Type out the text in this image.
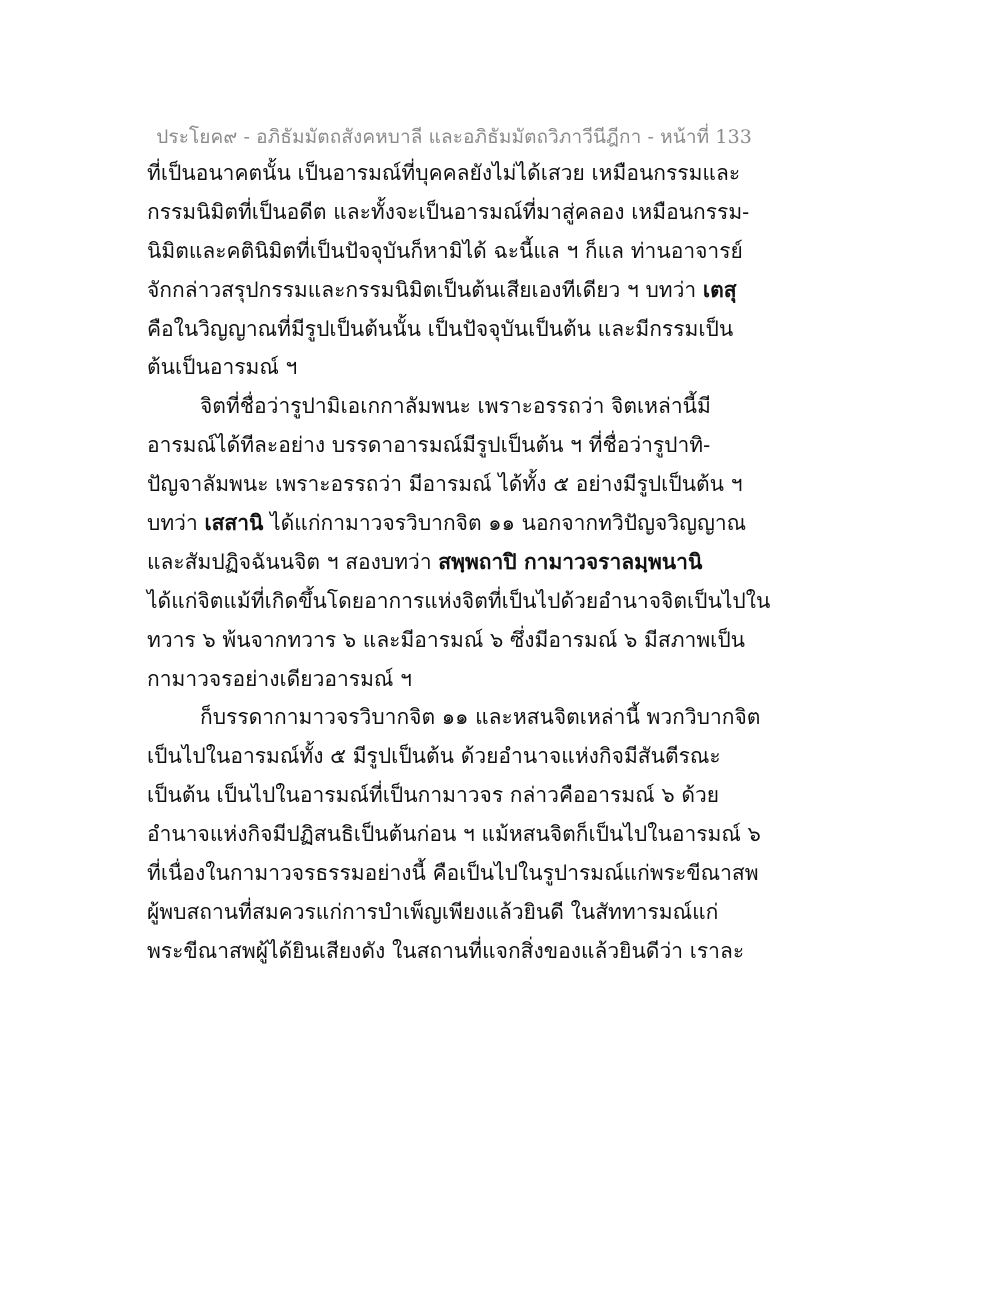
ประโยค๙ - อภิธัมมัตถสังคหบาลี และอภิธัมมัตถวิภาวีนีฎีกา - หน้าที่ 133
ที่เป็นอนาคตนั้น เป็นอารมณ์ที่บุคคลยังไม่ได้เสวย เหมือนกรรมและ
กรรมนิมิตที่เป็นอดีต และทั้งจะเป็นอารมณ์ที่มาสู่คลอง เหมือนกรรม-
นิมิตและคตินิมิตที่เป็นปัจจุบันก็หามิได้ ฉะนี้แล ฯ ก็แล ท่านอาจารย์
จักกล่าวสรุปกรรมและกรรมนิมิตเป็นต้นเสียเองทีเดียว ฯ บทว่า เตสุ
คือในวิญญาณที่มีรูปเป็นต้นนั้น เป็นปัจจุบันเป็นต้น และมีกรรมเป็น
ต้นเป็นอารมณ์ ฯ
จิตที่ชื่อว่ารูปามิเอเกกาลัมพนะ เพราะอรรถว่า จิตเหล่านี้มี
อารมณ์ได้ทีละอย่าง บรรดาอารมณ์มีรูปเป็นต้น ฯ ที่ชื่อว่ารูปาทิ-
ปัญจาลัมพนะ เพราะอรรถว่า มีอารมณ์ ได้ทั้ง ๕ อย่างมีรูปเป็นต้น ฯ
บทว่า เสสานิ ได้แก่กามาวจรวิบากจิต ๑๑ นอกจากทวิปัญจวิญญาณ
และสัมปฏิจฉันนจิต ฯ สองบทว่า สพฺพถาปิ กามาวจราลมฺพนานิ
ได้แก่จิตแม้ที่เกิดขึ้นโดยอาการแห่งจิตที่เป็นไปด้วยอำนาจจิตเป็นไปใน
ทวาร ๖ พ้นจากทวาร ๖ และมีอารมณ์ ๖ ซึ่งมีอารมณ์ ๖ มีสภาพเป็น
กามาวจรอย่างเดียวอารมณ์ ฯ
ก็บรรดากามาวจรวิบากจิต ๑๑ และหสนจิตเหล่านี้ พวกวิบากจิต
เป็นไปในอารมณ์ทั้ง ๕ มีรูปเป็นต้น ด้วยอำนาจแห่งกิจมีสันตีรณะ
เป็นต้น เป็นไปในอารมณ์ที่เป็นกามาวจร กล่าวคืออารมณ์ ๖ ด้วย
อำนาจแห่งกิจมีปฏิสนธิเป็นต้นก่อน ฯ แม้หสนจิตก็เป็นไปในอารมณ์ ๖
ที่เนื่องในกามาวจรธรรมอย่างนี้ คือเป็นไปในรูปารมณ์แก่พระขีณาสพ
ผู้พบสถานที่สมควรแก่การบำเพ็ญเพียงแล้วยินดี ในสัททารมณ์แก่
พระขีณาสพผู้ได้ยินเสียงดัง ในสถานที่แจกสิ่งของแล้วยินดีว่า เราละ
